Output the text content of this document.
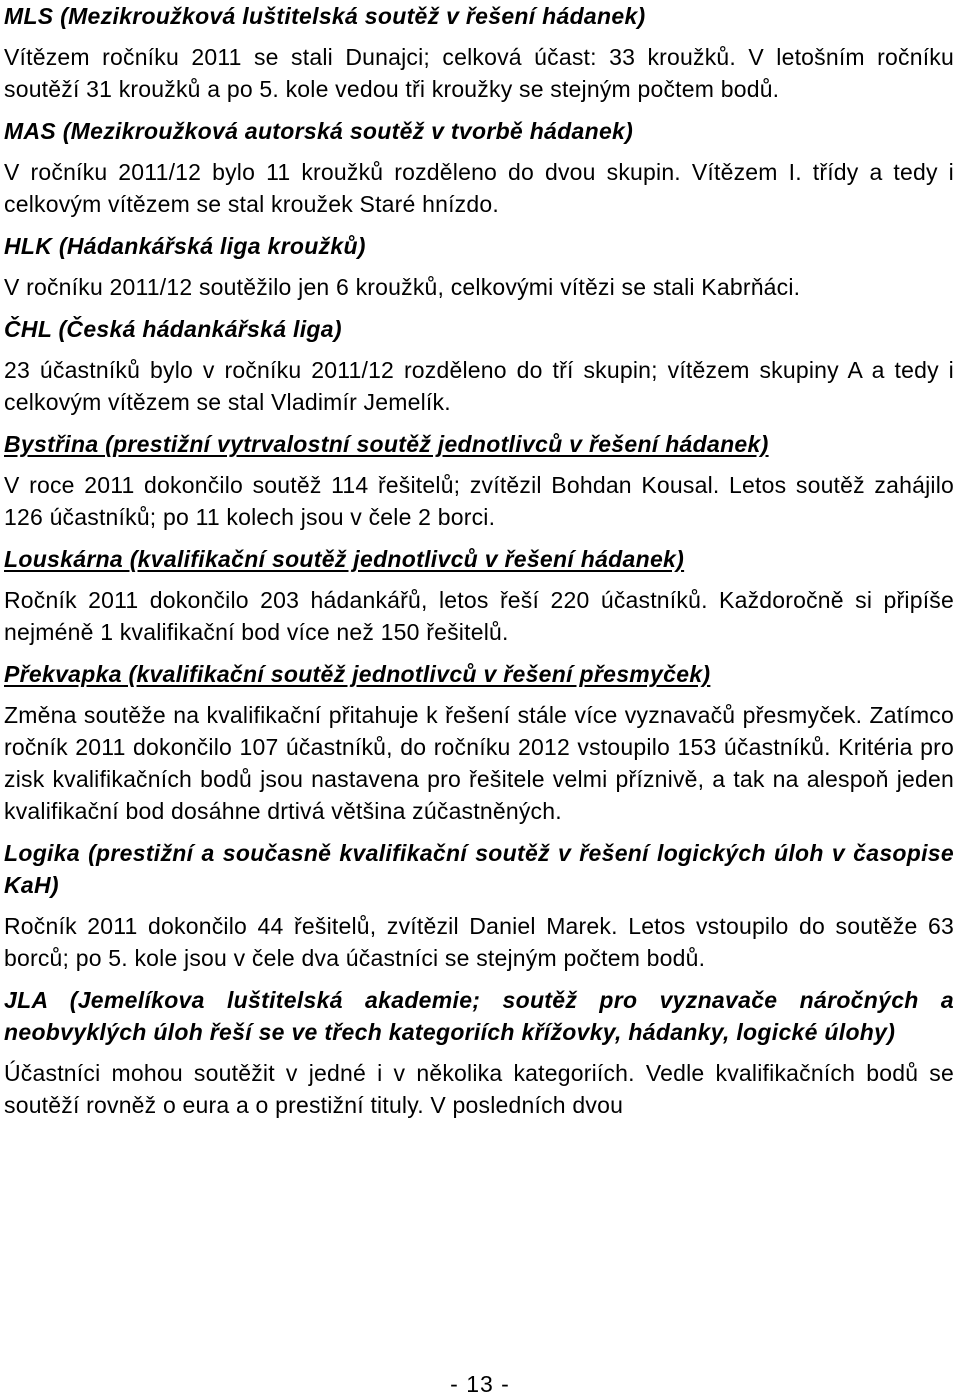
MLS (Mezikroužková luštitelská soutěž v řešení hádanek)

Vítězem ročníku 2011 se stali Dunajci; celková účast: 33 kroužků. V letošním ročníku soutěží 31 kroužků a po 5. kole vedou tři kroužky se stejným počtem bodů.

MAS (Mezikroužková autorská soutěž v tvorbě hádanek)

V ročníku 2011/12 bylo 11 kroužků rozděleno do dvou skupin. Vítězem I. třídy a tedy i celkovým vítězem se stal kroužek Staré hnízdo.

HLK (Hádankářská liga kroužků)

V ročníku 2011/12 soutěžilo jen 6 kroužků, celkovými vítězi se stali Kabrňáci.

ČHL (Česká hádankářská liga)

23 účastníků bylo v ročníku 2011/12 rozděleno do tří skupin; vítězem skupiny A a tedy i celkovým vítězem se stal Vladimír Jemelík.

Bystřina (prestižní vytrvalostní soutěž jednotlivců v řešení hádanek)

V roce 2011 dokončilo soutěž 114 řešitelů; zvítězil Bohdan Kousal. Letos soutěž zahájilo 126 účastníků; po 11 kolech jsou v čele 2 borci.

Louskárna (kvalifikační soutěž jednotlivců v řešení hádanek)

Ročník 2011 dokončilo 203 hádankářů, letos řeší 220 účastníků. Každoročně si připíše nejméně 1 kvalifikační bod více než 150 řešitelů.

Překvapka (kvalifikační soutěž jednotlivců v řešení přesmyček)

Změna soutěže na kvalifikační přitahuje k řešení stále více vyznavačů přesmyček. Zatímco ročník 2011 dokončilo 107 účastníků, do ročníku 2012 vstoupilo 153 účastníků. Kritéria pro zisk kvalifikačních bodů jsou nastavena pro řešitele velmi příznivě, a tak na alespoň jeden kvalifikační bod dosáhne drtivá většina zúčastněných.

Logika (prestižní a současně kvalifikační soutěž v řešení logických úloh v časopise KaH)

Ročník 2011 dokončilo 44 řešitelů, zvítězil Daniel Marek. Letos vstoupilo do soutěže 63 borců; po 5. kole jsou v čele dva účastníci se stejným počtem bodů.

JLA (Jemelíkova luštitelská akademie; soutěž pro vyznavače náročných a neobvyklých úloh řeší se ve třech kategoriích křížovky, hádanky, logické úlohy)

Účastníci mohou soutěžit v jedné i v několika kategoriích. Vedle kvalifikačních bodů se soutěží rovněž o eura a o prestižní tituly. V posledních dvou

- 13 -
